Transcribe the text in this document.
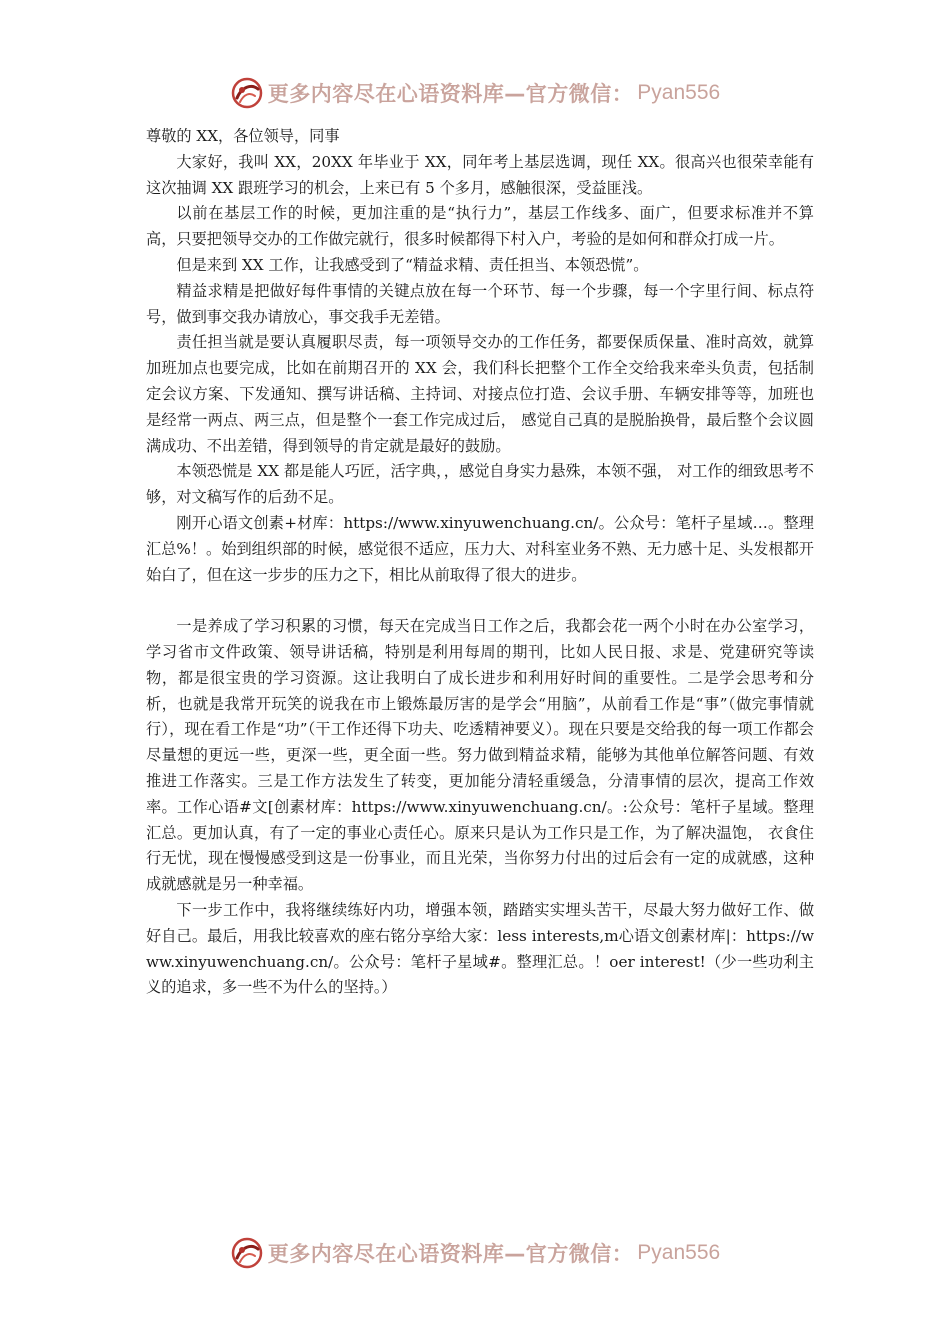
更多内容尽在心语资料库—官方微信： Pyan556

尊敬的 XX，各位领导，同事

大家好，我叫 XX，20XX 年毕业于 XX，同年考上基层选调，现任 XX。很高兴也很荣幸能有这次抽调 XX 跟班学习的机会，上来已有 5 个多月，感触很深，受益匪浅。

以前在基层工作的时候，更加注重的是“执行力”，基层工作线多、面广，但要求标准并不算高，只要把领导交办的工作做完就行，很多时候都得下村入户，考验的是如何和群众打成一片。

但是来到 XX 工作，让我感受到了“精益求精、责任担当、本领恐慌”。

精益求精是把做好每件事情的关键点放在每一个环节、每一个步骤，每一个字里行间、标点符号，做到事交我办请放心，事交我手无差错。

责任担当就是要认真履职尽责，每一项领导交办的工作任务，都要保质保量、准时高效，就算加班加点也要完成，比如在前期召开的 XX 会，我们科长把整个工作全交给我来牵头负责，包括制定会议方案、下发通知、撰写讲话稿、主持词、对接点位打造、会议手册、车辆安排等等，加班也是经常一两点、两三点，但是整个一套工作完成过后， 感觉自己真的是脱胎换骨，最后整个会议圆满成功、不出差错，得到领导的肯定就是最好的鼓励。

本领恐慌是 XX 都是能人巧匠，活字典，，感觉自身实力悬殊，本领不强， 对工作的细致思考不够，对文稿写作的后劲不足。

刚开心语文创素+材库：https://www.xinyuwenchuang.cn/。公众号：笔杆子星域…。整理汇总%！。始到组织部的时候，感觉很不适应，压力大、对科室业务不熟、无力感十足、头发根都开始白了，但在这一步步的压力之下，相比从前取得了很大的进步。

一是养成了学习积累的习惯，每天在完成当日工作之后，我都会花一两个小时在办公室学习，学习省市文件政策、领导讲话稿，特别是利用每周的期刊，比如人民日报、求是、党建研究等读物，都是很宝贵的学习资源。这让我明白了成长进步和利用好时间的重要性。二是学会思考和分析，也就是我常开玩笑的说我在市上锻炼最厉害的是学会“用脑”，从前看工作是“事”（做完事情就行），现在看工作是“功”（干工作还得下功夫、吃透精神要义）。现在只要是交给我的每一项工作都会尽量想的更远一些，更深一些，更全面一些。努力做到精益求精，能够为其他单位解答问题、有效推进工作落实。三是工作方法发生了转变，更加能分清轻重缓急，分清事情的层次，提高工作效率。工作心语#文[创素材库：https://www.xinyuwenchuang.cn/。:公众号：笔杆子星域。整理汇总。更加认真，有了一定的事业心责任心。原来只是认为工作只是工作，为了解决温饱， 衣食住行无忧，现在慢慢感受到这是一份事业，而且光荣，当你努力付出的过后会有一定的成就感，这种成就感就是另一种幸福。

下一步工作中，我将继续练好内功，增强本领，踏踏实实埋头苦干，尽最大努力做好工作、做好自己。最后，用我比较喜欢的座右铭分享给大家：less interests,m心语文创素材库|：https://www.xinyuwenchuang.cn/。公众号：笔杆子星域#。整理汇总。！oer interest!（少一些功利主义的追求，多一些不为什么的坚持。）

更多内容尽在心语资料库—官方微信： Pyan556
